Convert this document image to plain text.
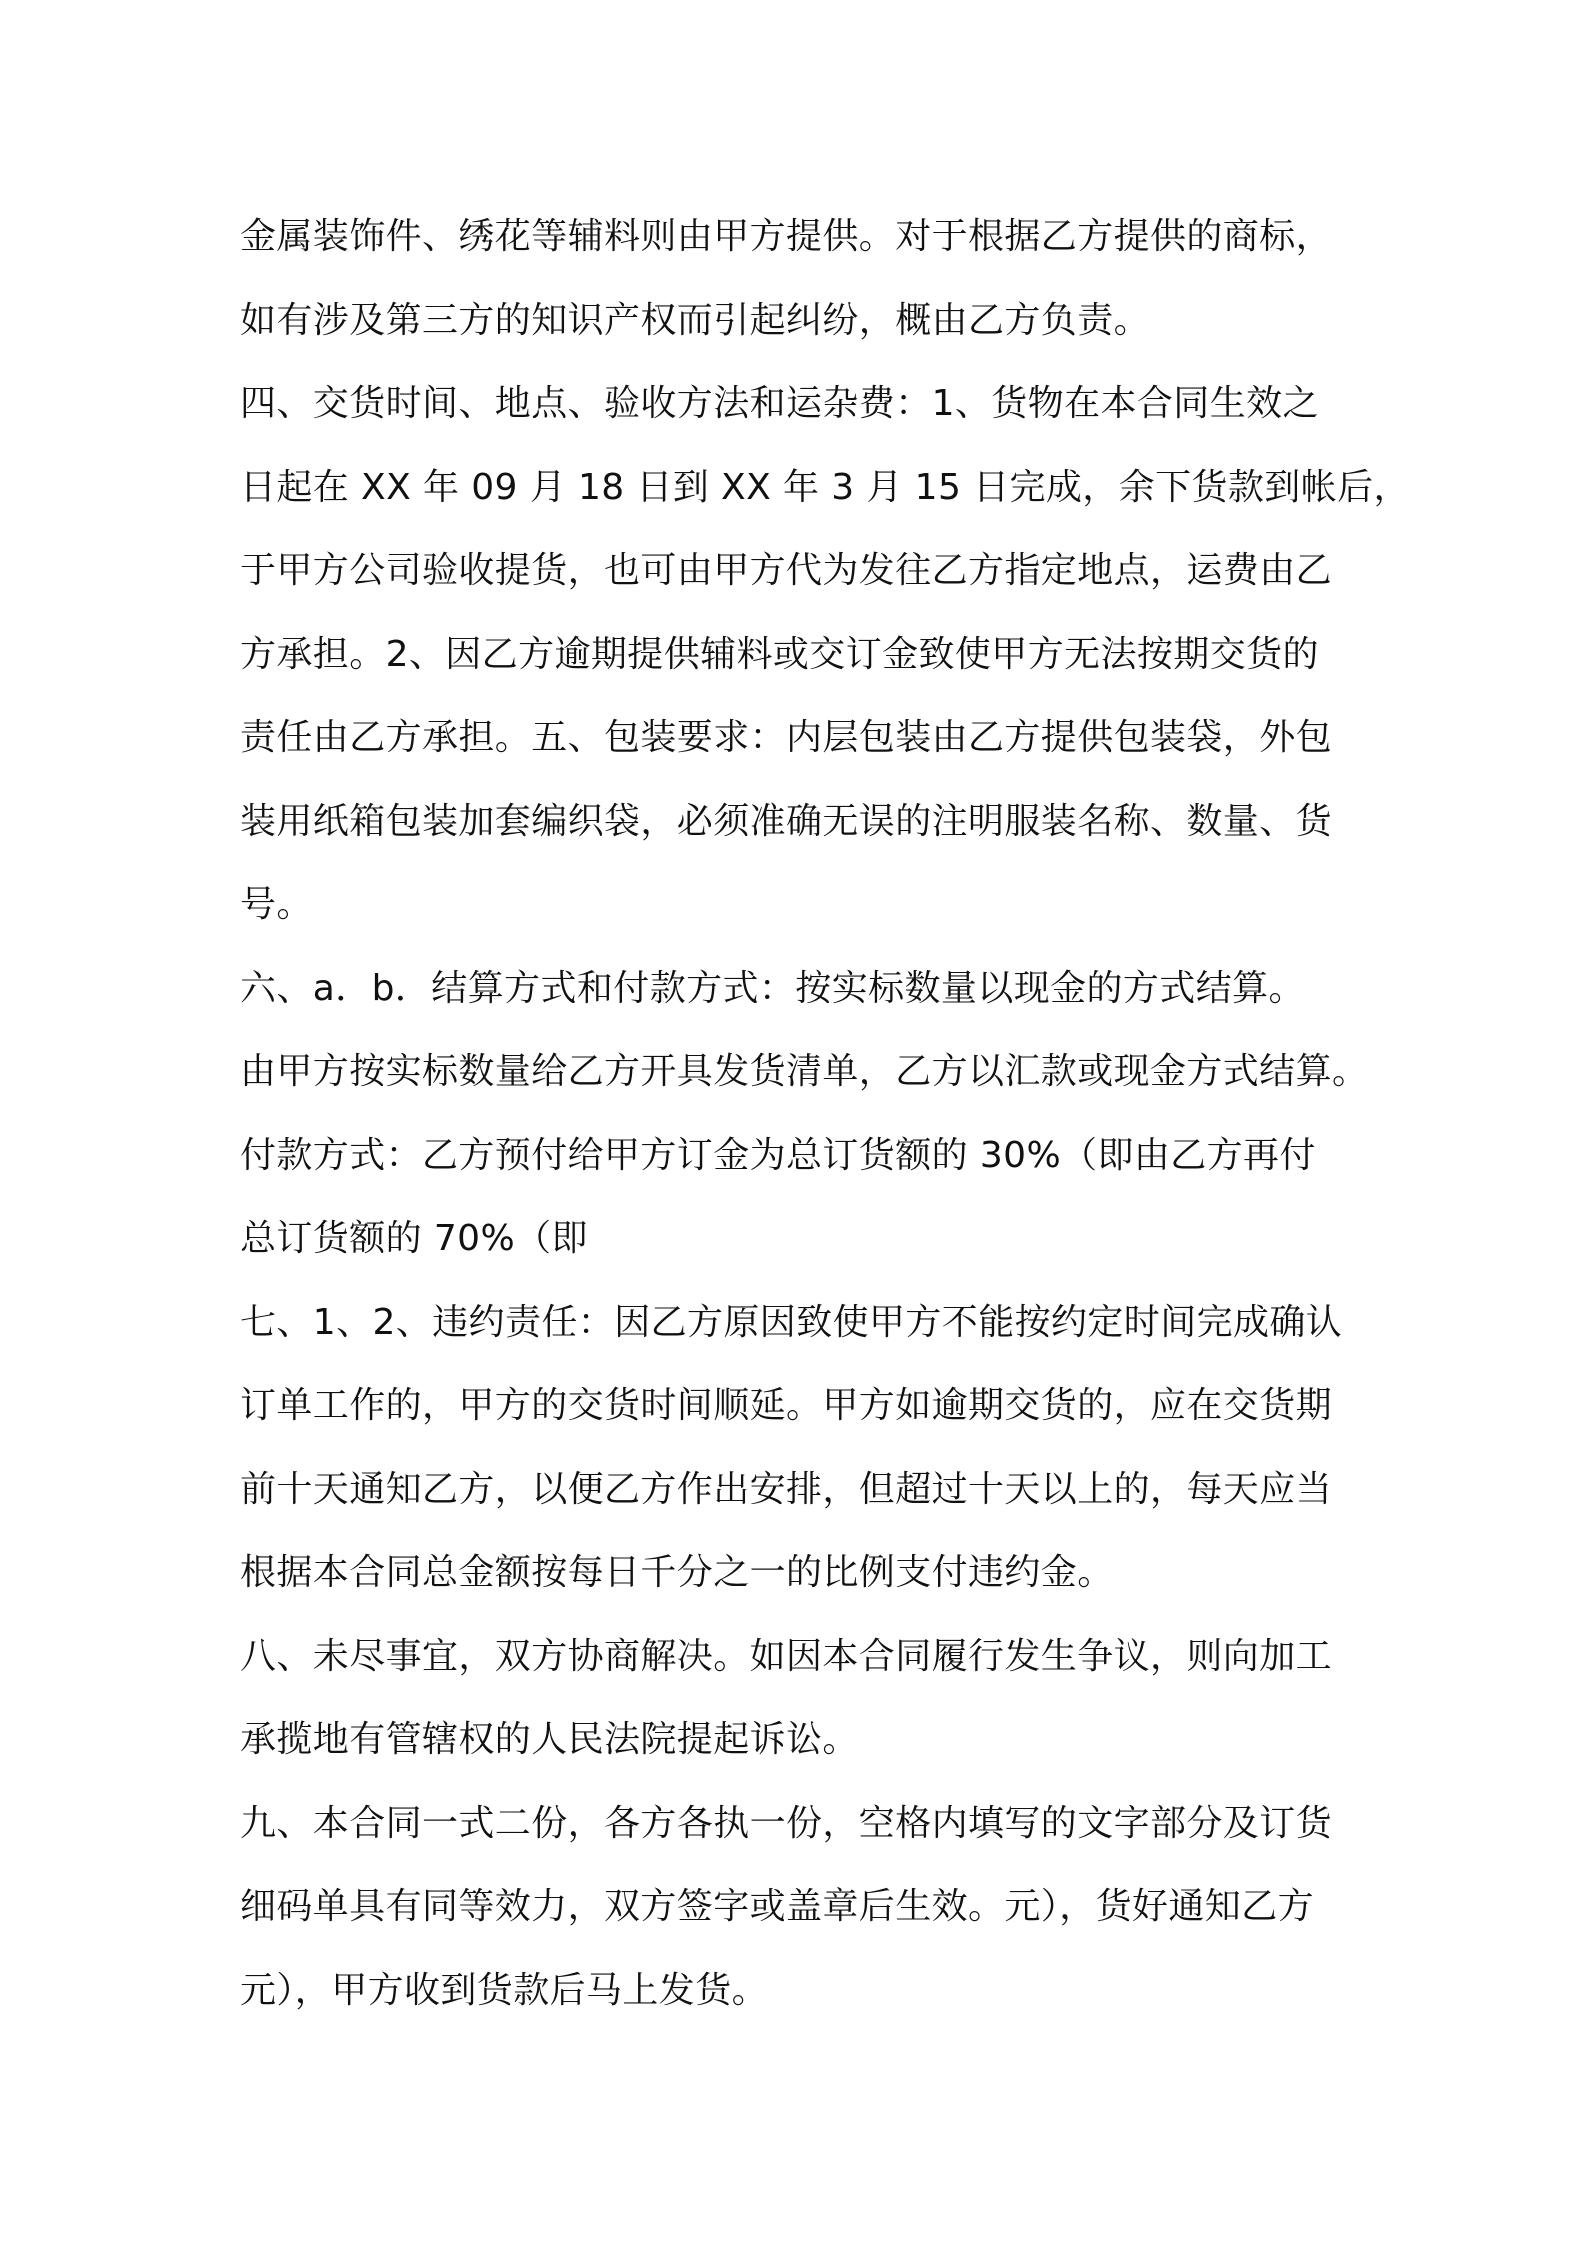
金属装饰件、绣花等辅料则由甲方提供。对于根据乙方提供的商标，
如有涉及第三方的知识产权而引起纠纷，概由乙方负责。
四、交货时间、地点、验收方法和运杂费：1、货物在本合同生效之
日起在 XX 年 09 月 18 日到 XX 年 3 月 15 日完成，余下货款到帐后，
于甲方公司验收提货，也可由甲方代为发往乙方指定地点，运费由乙
方承担。2、因乙方逾期提供辅料或交订金致使甲方无法按期交货的
责任由乙方承担。五、包装要求：内层包装由乙方提供包装袋，外包
装用纸箱包装加套编织袋，必须准确无误的注明服装名称、数量、货
号。
六、a．b．结算方式和付款方式：按实标数量以现金的方式结算。
由甲方按实标数量给乙方开具发货清单，乙方以汇款或现金方式结算。
付款方式：乙方预付给甲方订金为总订货额的 30%（即由乙方再付
总订货额的 70%（即
七、1、2、违约责任：因乙方原因致使甲方不能按约定时间完成确认
订单工作的，甲方的交货时间顺延。甲方如逾期交货的，应在交货期
前十天通知乙方，以便乙方作出安排，但超过十天以上的，每天应当
根据本合同总金额按每日千分之一的比例支付违约金。
八、未尽事宜，双方协商解决。如因本合同履行发生争议，则向加工
承揽地有管辖权的人民法院提起诉讼。
九、本合同一式二份，各方各执一份，空格内填写的文字部分及订货
细码单具有同等效力，双方签字或盖章后生效。元），货好通知乙方
元），甲方收到货款后马上发货。
